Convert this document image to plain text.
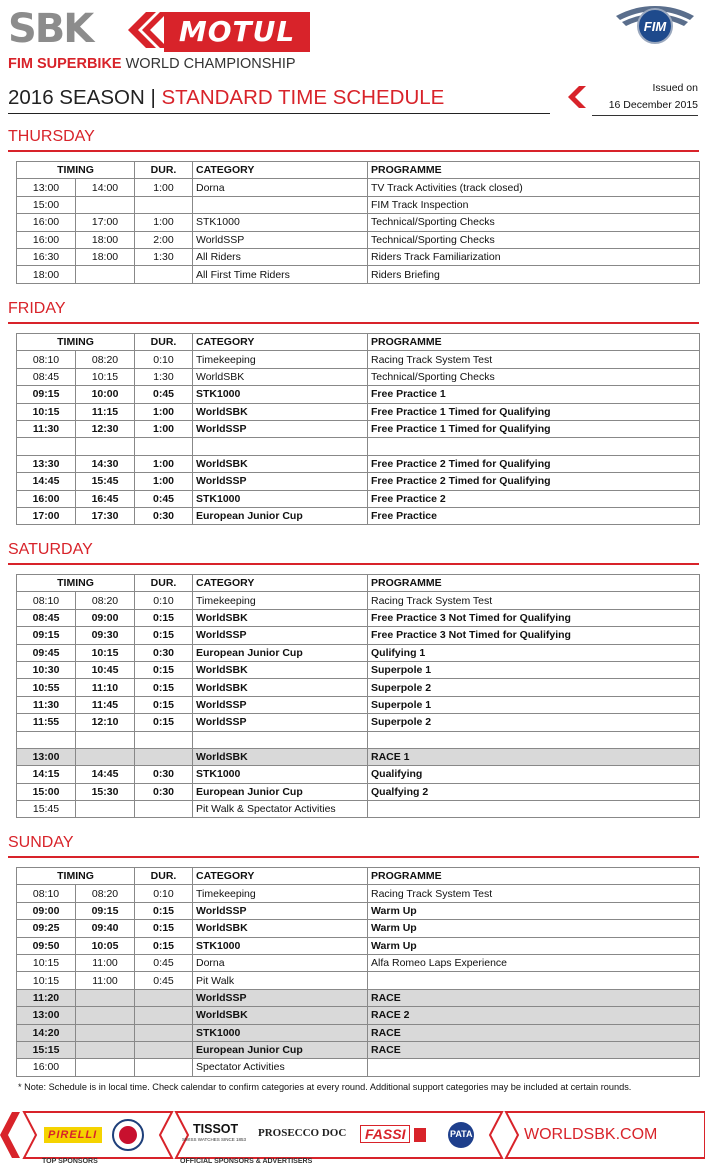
SBK	MOTUL
FIM SUPERBIKE WORLD CHAMPIONSHIP
FIM
2016 SEASON | STANDARD TIME SCHEDULE	Issued on
16 December 2015
THURSDAY
TIMING		DUR.	CATEGORY	PROGRAMME
13:00	14:00	1:00	Dorna	TV Track Activities (track closed)
15:00				FIM Track Inspection
16:00	17:00	1:00	STK1000	Technical/Sporting Checks
16:00	18:00	2:00	WorldSSP	Technical/Sporting Checks
16:30	18:00	1:30	All Riders	Riders Track Familiarization
18:00			All First Time Riders	Riders Briefing
FRIDAY
TIMING		DUR.	CATEGORY	PROGRAMME
08:10	08:20	0:10	Timekeeping	Racing Track System Test
08:45	10:15	1:30	WorldSBK	Technical/Sporting Checks
09:15	10:00	0:45	STK1000	Free Practice 1
10:15	11:15	1:00	WorldSBK	Free Practice 1 Timed for Qualifying
11:30	12:30	1:00	WorldSSP	Free Practice 1 Timed for Qualifying

13:30	14:30	1:00	WorldSBK	Free Practice 2 Timed for Qualifying
14:45	15:45	1:00	WorldSSP	Free Practice 2 Timed for Qualifying
16:00	16:45	0:45	STK1000	Free Practice 2
17:00	17:30	0:30	European Junior Cup	Free Practice
SATURDAY
TIMING		DUR.	CATEGORY	PROGRAMME
08:10	08:20	0:10	Timekeeping	Racing Track System Test
08:45	09:00	0:15	WorldSBK	Free Practice 3 Not Timed for Qualifying
09:15	09:30	0:15	WorldSSP	Free Practice 3 Not Timed for Qualifying
09:45	10:15	0:30	European Junior Cup	Qulifying 1
10:30	10:45	0:15	WorldSBK	Superpole 1
10:55	11:10	0:15	WorldSBK	Superpole 2
11:30	11:45	0:15	WorldSSP	Superpole 1
11:55	12:10	0:15	WorldSSP	Superpole 2

13:00			WorldSBK	RACE 1
14:15	14:45	0:30	STK1000	Qualifying
15:00	15:30	0:30	European Junior Cup	Qualfying 2
15:45			Pit Walk & Spectator Activities	
SUNDAY
TIMING		DUR.	CATEGORY	PROGRAMME
08:10	08:20	0:10	Timekeeping	Racing Track System Test
09:00	09:15	0:15	WorldSSP	Warm Up
09:25	09:40	0:15	WorldSBK	Warm Up
09:50	10:05	0:15	STK1000	Warm Up
10:15	11:00	0:45	Dorna	Alfa Romeo Laps Experience
10:15	11:00	0:45	Pit Walk	
11:20			WorldSSP	RACE
13:00			WorldSBK	RACE 2
14:20			STK1000	RACE
15:15			European Junior Cup	RACE
16:00			Spectator Activities	
* Note: Schedule is in local time. Check calendar to confirm categories at every round. Additional support categories may be included at certain rounds.
PIRELLI	TISSOT
SWISS WATCHES SINCE 1853
PROSECCO DOC	FASSI	PATA	WORLDSBK.COM
TOP SPONSORS	OFFICIAL SPONSORS & ADVERTISERS
